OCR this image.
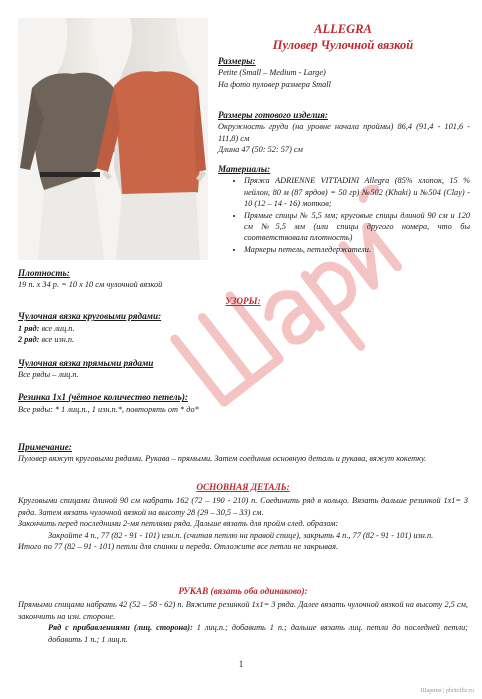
ALLEGRA
Пуловер Чулочной вязкой
Размеры:
Petite (Small – Medium - Large)
На фото пуловер размера Small
Размеры готового изделия:
Окружность груди (на уровне начала проймы) 86,4 (91,4 - 101,6 - 111,8) см
Длина 47 (50: 52: 57) см
Материалы:
• Пряжа ADRIENNE VITTADINI Allegra (85% хлопок, 15 % нейлон, 80 м (87 ярдов) = 50 гр) №502 (Khaki) и №504 (Clay) - 10 (12 – 14 - 16) мотков;
• Прямые спицы № 5,5 мм; круговые спицы длиной 90 см и 120 см №5,5 мм (или спицы другого номера, что бы соответствовала плотность)
• Маркеры петель, петледержатели.
Плотность:
19 п. х 34 р. = 10 х 10 см чулочной вязкой
УЗОРЫ:
Чулочная вязка круговыми рядами:
1 ряд: все лиц.п.
2 ряд: все изн.п.
Чулочная вязка прямыми рядами
Все ряды – лиц.п.
Резинка 1х1 (чётное количество петель):
Все ряды: * 1 лиц.п., 1 изн.п.*, повторять от * до*
Примечание:
Пуловер вяжут круговыми рядами. Рукава – прямыми. Затем соединив основную деталь и рукава, вяжут кокетку.
ОСНОВНАЯ ДЕТАЛЬ:
Круговыми спицами длиной 90 см набрать 162 (72 – 190 - 210) п. Соединить ряд в кольцо. Вязать дальше резинкой 1х1= 3 ряда. Затем вязать чулочной вязкой на высоту 28 (29 – 30,5 – 33) см.
Закончить перед последними 2-мя петлями ряда. Дальше вязать для пройм след. образом:
Закройте 4 п., 77 (82 - 91 - 101) изн.п. (считая петлю на правой спице), закрыть 4 п., 77 (82 - 91 - 101) изн.п.
Итого по 77 (82 – 91 - 101) петли для спинки и переда. Отложите все петли не закрывая.
РУКАВ (вязать оба одинаково):
Прямыми спицами набрать 42 (52 – 58 - 62) п. Вяжите резинкой 1х1= 3 ряда. Далее вязать чулочной вязкой на высоту 2,5 см, закончить на изн. стороне.
Ряд с прибавлениями (лиц. сторона): 1 лиц.п.; добавить 1 п.; дальше вязать лиц. петли до последней петли; добавить 1 п.; 1 лиц.п.
1
Шарики | photofile.ru
